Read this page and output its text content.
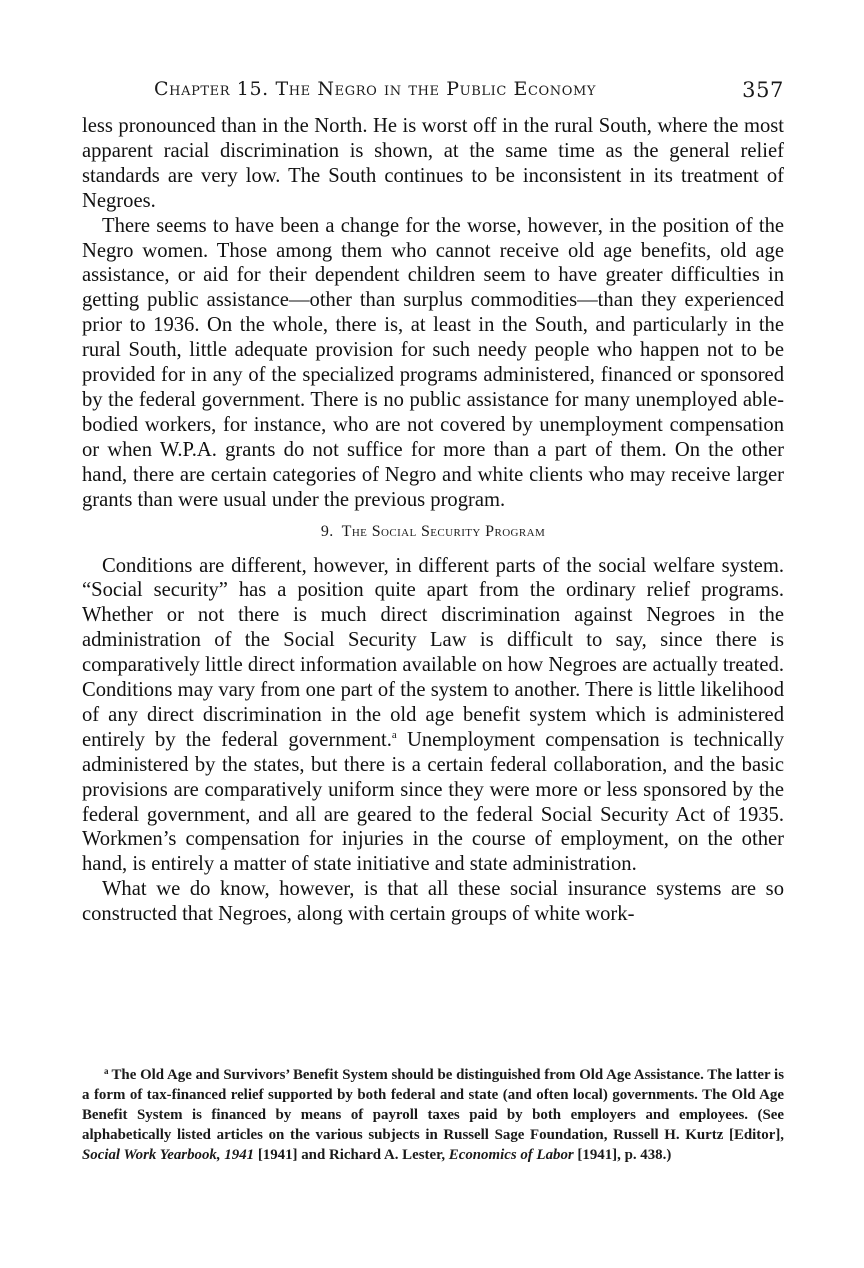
Chapter 15. The Negro in the Public Economy	357

less pronounced than in the North. He is worst off in the rural South, where the most apparent racial discrimination is shown, at the same time as the general relief standards are very low. The South continues to be inconsistent in its treatment of Negroes.

There seems to have been a change for the worse, however, in the position of the Negro women. Those among them who cannot receive old age benefits, old age assistance, or aid for their dependent children seem to have greater difficulties in getting public assistance—other than surplus commodities—than they experienced prior to 1936. On the whole, there is, at least in the South, and particularly in the rural South, little adequate provision for such needy people who happen not to be provided for in any of the specialized programs administered, financed or sponsored by the federal government. There is no public assistance for many unemployed able-bodied workers, for instance, who are not covered by unemployment compensation or when W.P.A. grants do not suffice for more than a part of them. On the other hand, there are certain categories of Negro and white clients who may receive larger grants than were usual under the previous program.

9. The Social Security Program

Conditions are different, however, in different parts of the social welfare system. “Social security” has a position quite apart from the ordinary relief programs. Whether or not there is much direct discrimination against Negroes in the administration of the Social Security Law is difficult to say, since there is comparatively little direct information available on how Negroes are actually treated. Conditions may vary from one part of the system to another. There is little likelihood of any direct discrimination in the old age benefit system which is administered entirely by the federal government.$^a$ Unemployment compensation is technically administered by the states, but there is a certain federal collaboration, and the basic provisions are comparatively uniform since they were more or less sponsored by the federal government, and all are geared to the federal Social Security Act of 1935. Workmen’s compensation for injuries in the course of employment, on the other hand, is entirely a matter of state initiative and state administration.

What we do know, however, is that all these social insurance systems are so constructed that Negroes, along with certain groups of white work-

$^a$ The Old Age and Survivors’ Benefit System should be distinguished from Old Age Assistance. The latter is a form of tax-financed relief supported by both federal and state (and often local) governments. The Old Age Benefit System is financed by means of payroll taxes paid by both employers and employees. (See alphabetically listed articles on the various subjects in Russell Sage Foundation, Russell H. Kurtz [Editor], Social Work Yearbook, 1941 [1941] and Richard A. Lester, Economics of Labor [1941], p. 438.)
